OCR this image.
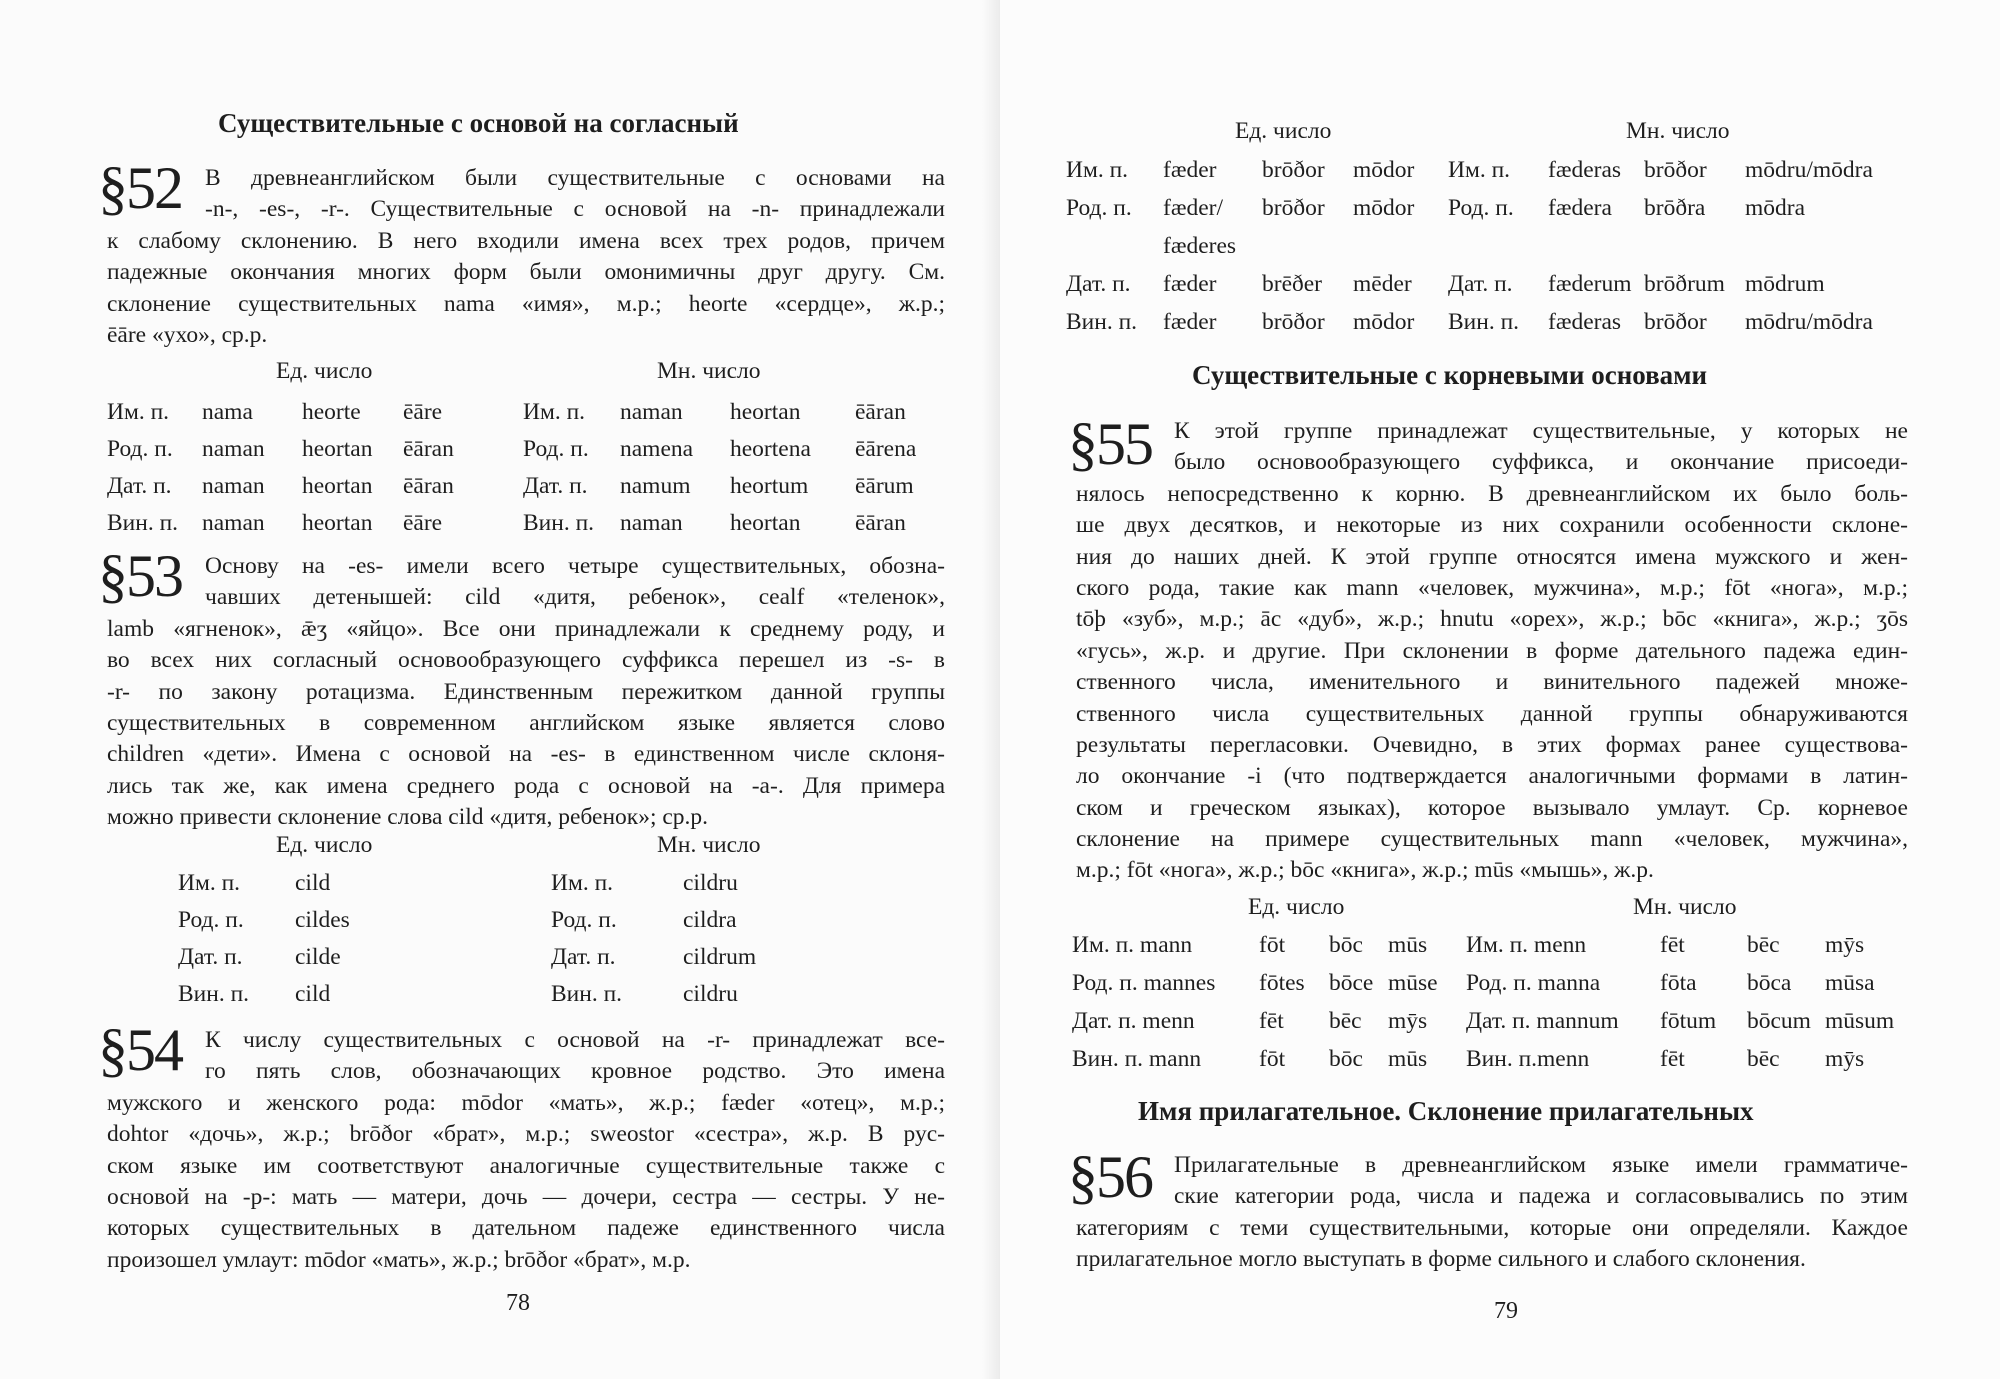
Существительные с основой на согласный
§52 В древнеанглийском были существительные с основами на
-n-, -es-, -r-. Существительные с основой на -n- принадлежали
к слабому склонению. В него входили имена всех трех родов, причем
падежные окончания многих форм были омонимичны друг другу. См.
склонение существительных nama «имя», м.р.; heorte «сердце», ж.р.;
ēāre «ухо», ср.р.
Ед. число	Мн. число
Им. п. nama heorte ēāre	Им. п. naman heortan ēāran
Род. п. naman heortan ēāran	Род. п. namena heortena ēārena
Дат. п. naman heortan ēāran	Дат. п. namum heortum ēārum
Вин. п. naman heortan ēāre	Вин. п. naman heortan ēāran
§53 Основу на -es- имели всего четыре существительных, обозна-
чавших детенышей: cild «дитя, ребенок», cealf «теленок»,
lamb «ягненок», ǣʒ «яйцо». Все они принадлежали к среднему роду, и
во всех них согласный основообразующего суффикса перешел из -s- в
-r- по закону ротацизма. Единственным пережитком данной группы
существительных в современном английском языке является слово
children «дети». Имена с основой на -es- в единственном числе склоня-
лись так же, как имена среднего рода с основой на -a-. Для примера
можно привести склонение слова cild «дитя, ребенок»; ср.р.
Ед. число	Мн. число
Им. п. cild	Им. п.	cildru
Род. п. cildes	Род. п.	cildra
Дат. п. cilde	Дат. п.	cildrum
Вин. п. cild	Вин. п.	cildru
§54 К числу существительных с основой на -r- принадлежат все-
го пять слов, обозначающих кровное родство. Это имена
мужского и женского рода: mōdor «мать», ж.р.; fæder «отец», м.р.;
dohtor «дочь», ж.р.; brōðor «брат», м.р.; sweostor «сестра», ж.р. В рус-
ском языке им соответствуют аналогичные существительные также с
основой на -р-: мать — матери, дочь — дочери, сестра — сестры. У не-
которых существительных в дательном падеже единственного числа
произошел умлаут: mōdor «мать», ж.р.; brōðor «брат», м.р.
78
Ед. число	Мн. число
Им. п. fæder brōðor mōdor Им. п. fæderas brōðor mōdru/mōdra
Род. п. fæder/ brōðor mōdor Род. п. fædera brōðra mōdra
fæderes
Дат. п. fæder brēðer mēder Дат. п. fæderum brōðrum mōdrum
Вин. п. fæder brōðor mōdor Вин. п. fæderas brōðor mōdru/mōdra
Существительные с корневыми основами
§55 К этой группе принадлежат существительные, у которых не
было основообразующего суффикса, и окончание присоеди-
нялось непосредственно к корню. В древнеанглийском их было боль-
ше двух десятков, и некоторые из них сохранили особенности склоне-
ния до наших дней. К этой группе относятся имена мужского и жен-
ского рода, такие как mann «человек, мужчина», м.р.; fōt «нога», м.р.;
tōþ «зуб», м.р.; āc «дуб», ж.р.; hnutu «орех», ж.р.; bōc «книга», ж.р.; ʒōs
«гусь», ж.р. и другие. При склонении в форме дательного падежа един-
ственного числа, именительного и винительного падежей множе-
ственного числа существительных данной группы обнаруживаются
результаты перегласовки. Очевидно, в этих формах ранее существова-
ло окончание -i (что подтверждается аналогичными формами в латин-
ском и греческом языках), которое вызывало умлаут. Ср. корневое
склонение на примере существительных mann «человек, мужчина»,
м.р.; fōt «нога», ж.р.; bōc «книга», ж.р.; mūs «мышь», ж.р.
Ед. число	Мн. число
Им. п. mann	fōt bōc mūs Им. п. menn	fēt	bēc mȳs
Род. п. mannes fōtes bōce mūse Род. п. manna	fōta bōca mūsa
Дат. п. menn	fēt bēc mȳs Дат. п. mannum fōtum bōcum mūsum
Вин. п. mann fōt bōc mūs Вин. п.menn	fēt	bēc mȳs
Имя прилагательное. Склонение прилагательных
§56 Прилагательные в древнеанглийском языке имели грамматиче-
ские категории рода, числа и падежа и согласовывались по этим
категориям с теми существительными, которые они определяли. Каждое
прилагательное могло выступать в форме сильного и слабого склонения.
79
